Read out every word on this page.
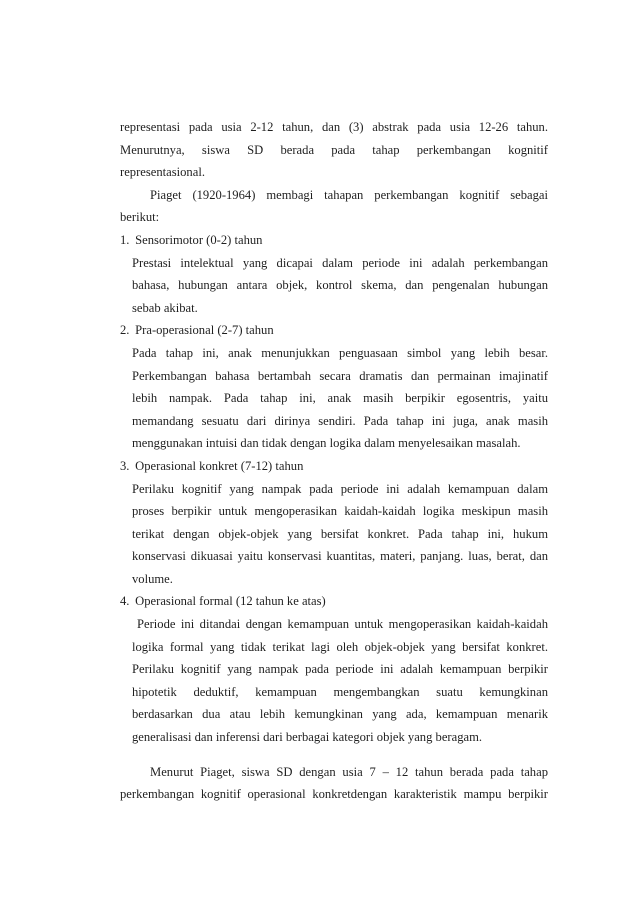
representasi pada usia 2-12 tahun, dan (3) abstrak pada usia 12-26 tahun.
Menurutnya, siswa SD berada pada tahap perkembangan kognitif
representasional.
Piaget (1920-1964) membagi tahapan perkembangan kognitif sebagai
berikut:
1. Sensorimotor (0-2) tahun
Prestasi intelektual yang dicapai dalam periode ini adalah perkembangan
bahasa, hubungan antara objek, kontrol skema, dan pengenalan hubungan
sebab akibat.
2. Pra-operasional (2-7) tahun
Pada tahap ini, anak menunjukkan penguasaan simbol yang lebih besar.
Perkembangan bahasa bertambah secara dramatis dan permainan imajinatif
lebih nampak. Pada tahap ini, anak masih berpikir egosentris, yaitu
memandang sesuatu dari dirinya sendiri. Pada tahap ini juga, anak masih
menggunakan intuisi dan tidak dengan logika dalam menyelesaikan masalah.
3. Operasional konkret (7-12) tahun
Perilaku kognitif yang nampak pada periode ini adalah kemampuan dalam
proses berpikir untuk mengoperasikan kaidah-kaidah logika meskipun masih
terikat dengan objek-objek yang bersifat konkret. Pada tahap ini, hukum
konservasi dikuasai yaitu konservasi kuantitas, materi, panjang. luas, berat, dan
volume.
4. Operasional formal (12 tahun ke atas)
Periode ini ditandai dengan kemampuan untuk mengoperasikan kaidah-kaidah
logika formal yang tidak terikat lagi oleh objek-objek yang bersifat konkret.
Perilaku kognitif yang nampak pada periode ini adalah kemampuan berpikir
hipotetik deduktif, kemampuan mengembangkan suatu kemungkinan
berdasarkan dua atau lebih kemungkinan yang ada, kemampuan menarik
generalisasi dan inferensi dari berbagai kategori objek yang beragam.
Menurut Piaget, siswa SD dengan usia 7 – 12 tahun berada pada tahap
perkembangan kognitif operasional konkretdengan karakteristik mampu berpikir
